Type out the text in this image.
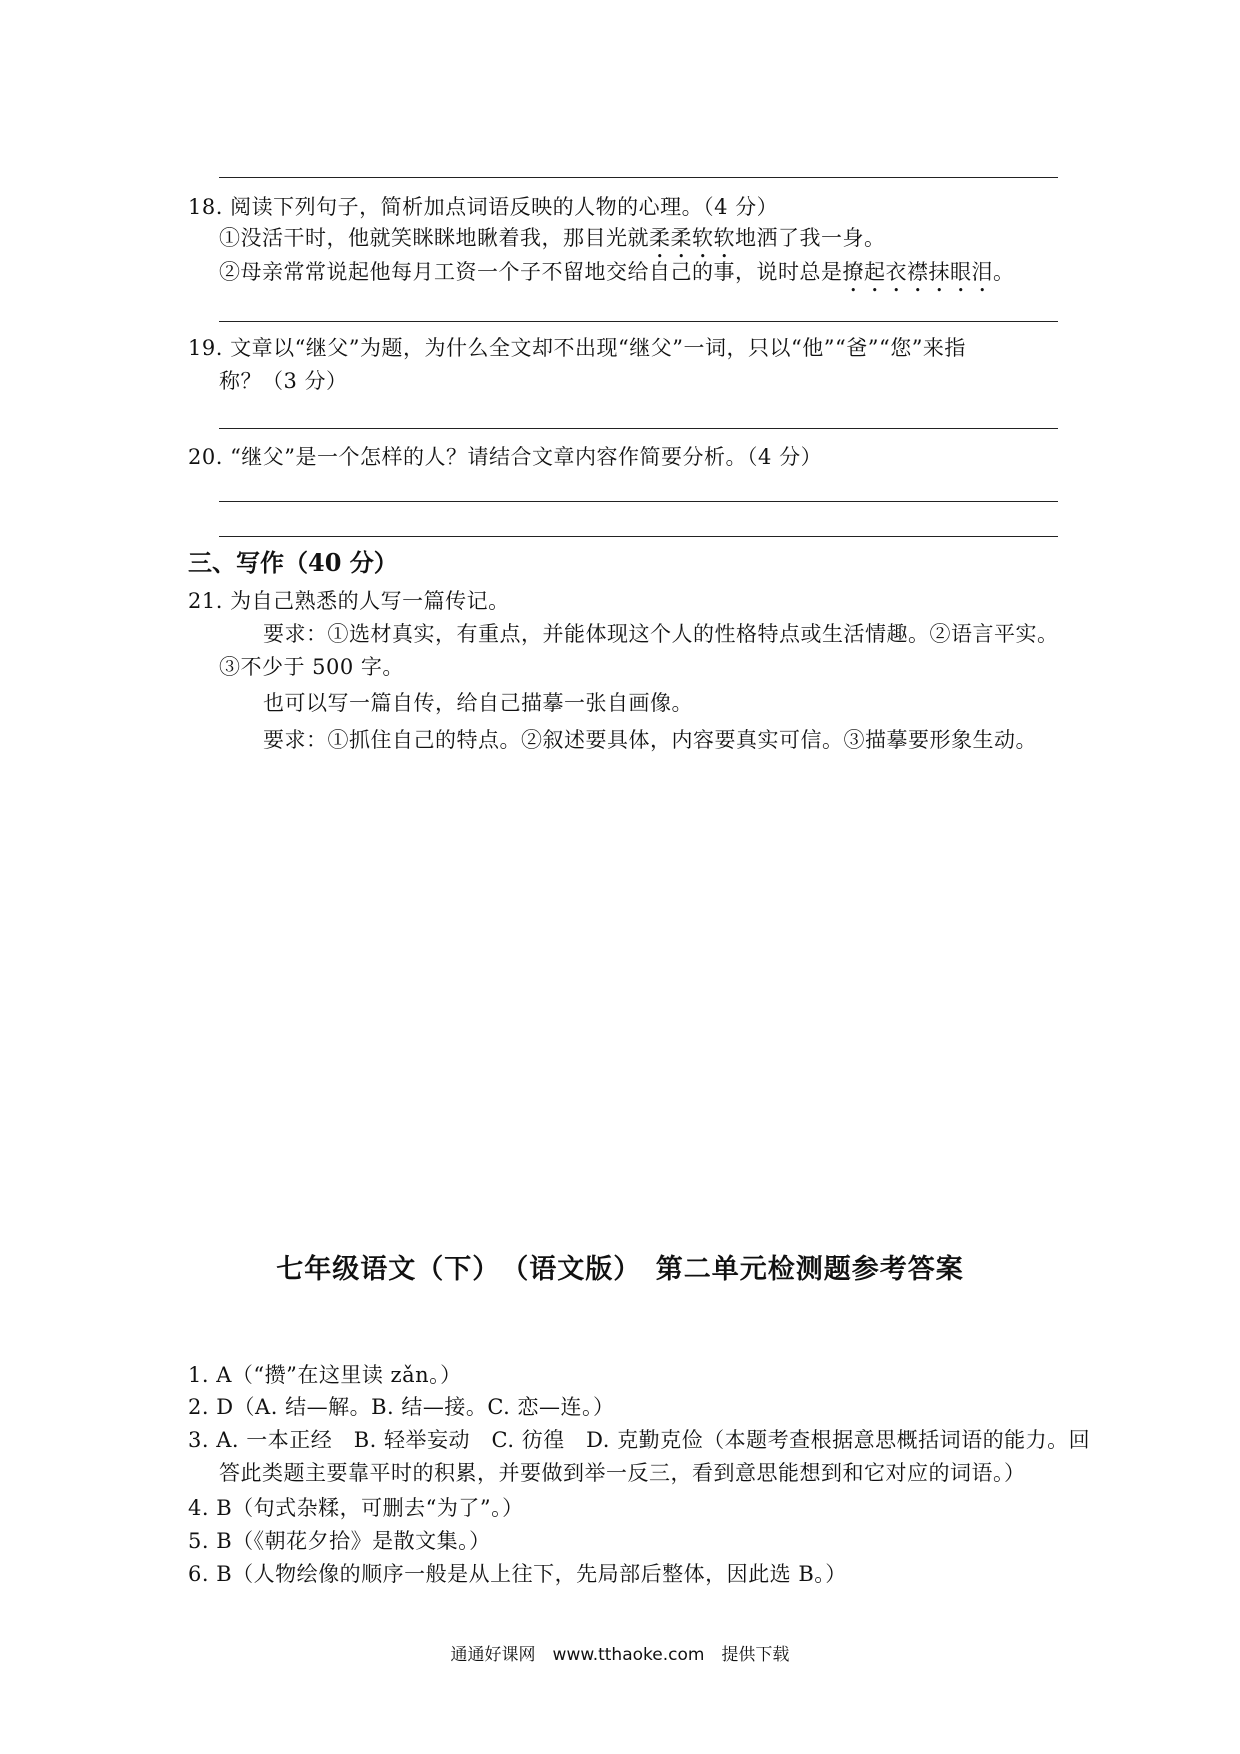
18. 阅读下列句子，简析加点词语反映的人物的心理。（4 分）
①没活干时，他就笑眯眯地瞅着我，那目光就柔柔软软地洒了我一身。
②母亲常常说起他每月工资一个子不留地交给自己的事，说时总是撩起衣襟抹眼泪。
19. 文章以“继父”为题，为什么全文却不出现“继父”一词，只以“他”“爸”“您”来指
称？（3 分）
20. “继父”是一个怎样的人？请结合文章内容作简要分析。（4 分）
三、写作（40 分）
21. 为自己熟悉的人写一篇传记。
要求：①选材真实，有重点，并能体现这个人的性格特点或生活情趣。②语言平实。
③不少于 500 字。
也可以写一篇自传，给自己描摹一张自画像。
要求：①抓住自己的特点。②叙述要具体，内容要真实可信。③描摹要形象生动。
七年级语文（下）　（语文版）　第二单元检测题参考答案
1. A（“攒”在这里读 zǎn。）
2. D（A. 结—解。B. 结—接。C. 恋—连。）
3. A. 一本正经　B. 轻举妄动　C. 彷徨　D. 克勤克俭（本题考查根据意思概括词语的能力。回
答此类题主要靠平时的积累，并要做到举一反三，看到意思能想到和它对应的词语。）
4. B（句式杂糅，可删去“为了”。）
5. B（《朝花夕拾》是散文集。）
6. B（人物绘像的顺序一般是从上往下，先局部后整体，因此选 B。）
通通好课网　www.tthaoke.com　提供下载
